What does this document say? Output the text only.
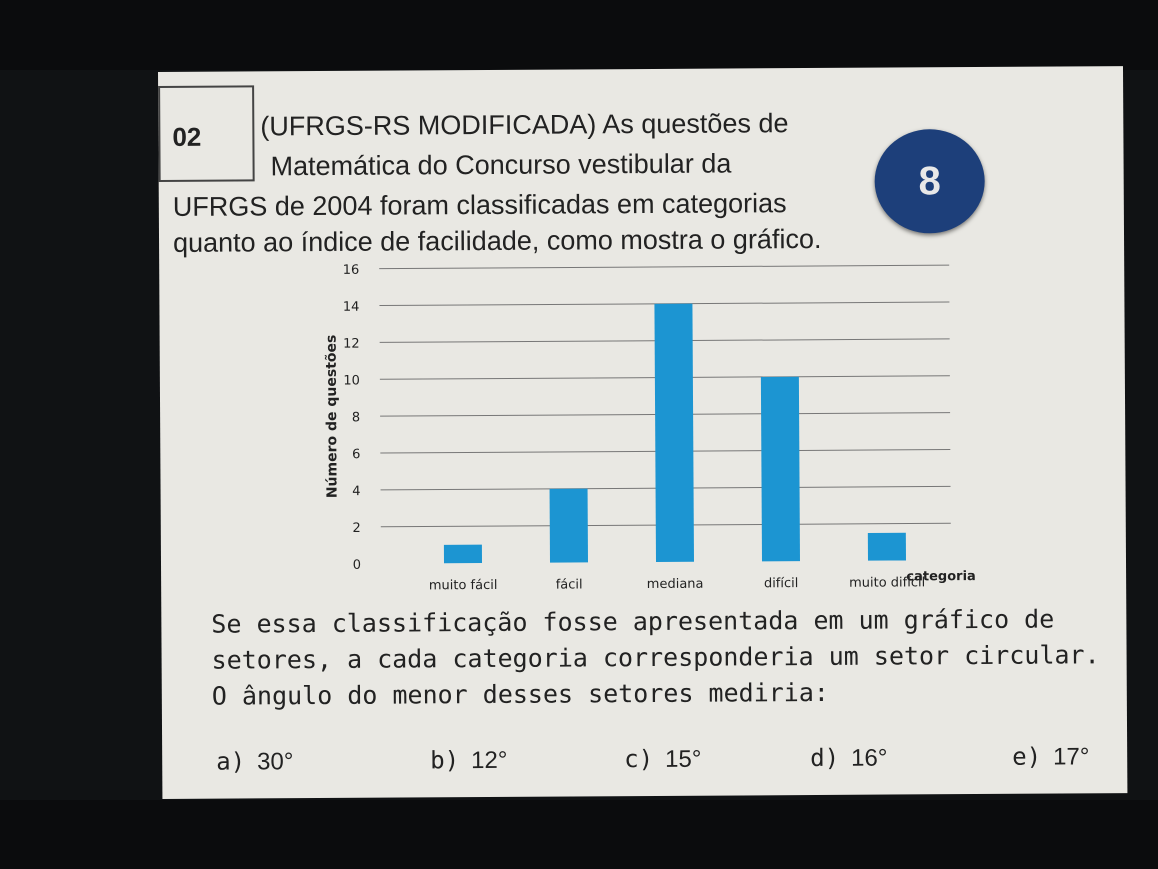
02 (UFRGS-RS MODIFICADA) As questões de
Matemática do Concurso vestibular da
UFRGS de 2004 foram classificadas em categorias
quanto ao índice de facilidade, como mostra o gráfico.
8
0
2
4
6
8
10
12
14
16
Número de questões
muito fácil	fácil	mediana	difícil	muito difícil
categoria
Se essa classificação fosse apresentada em um gráfico de
setores, a cada categoria corresponderia um setor circular.
O ângulo do menor desses setores mediria:
a) 30°	b) 12°	c) 15°	d) 16°	e) 17°
